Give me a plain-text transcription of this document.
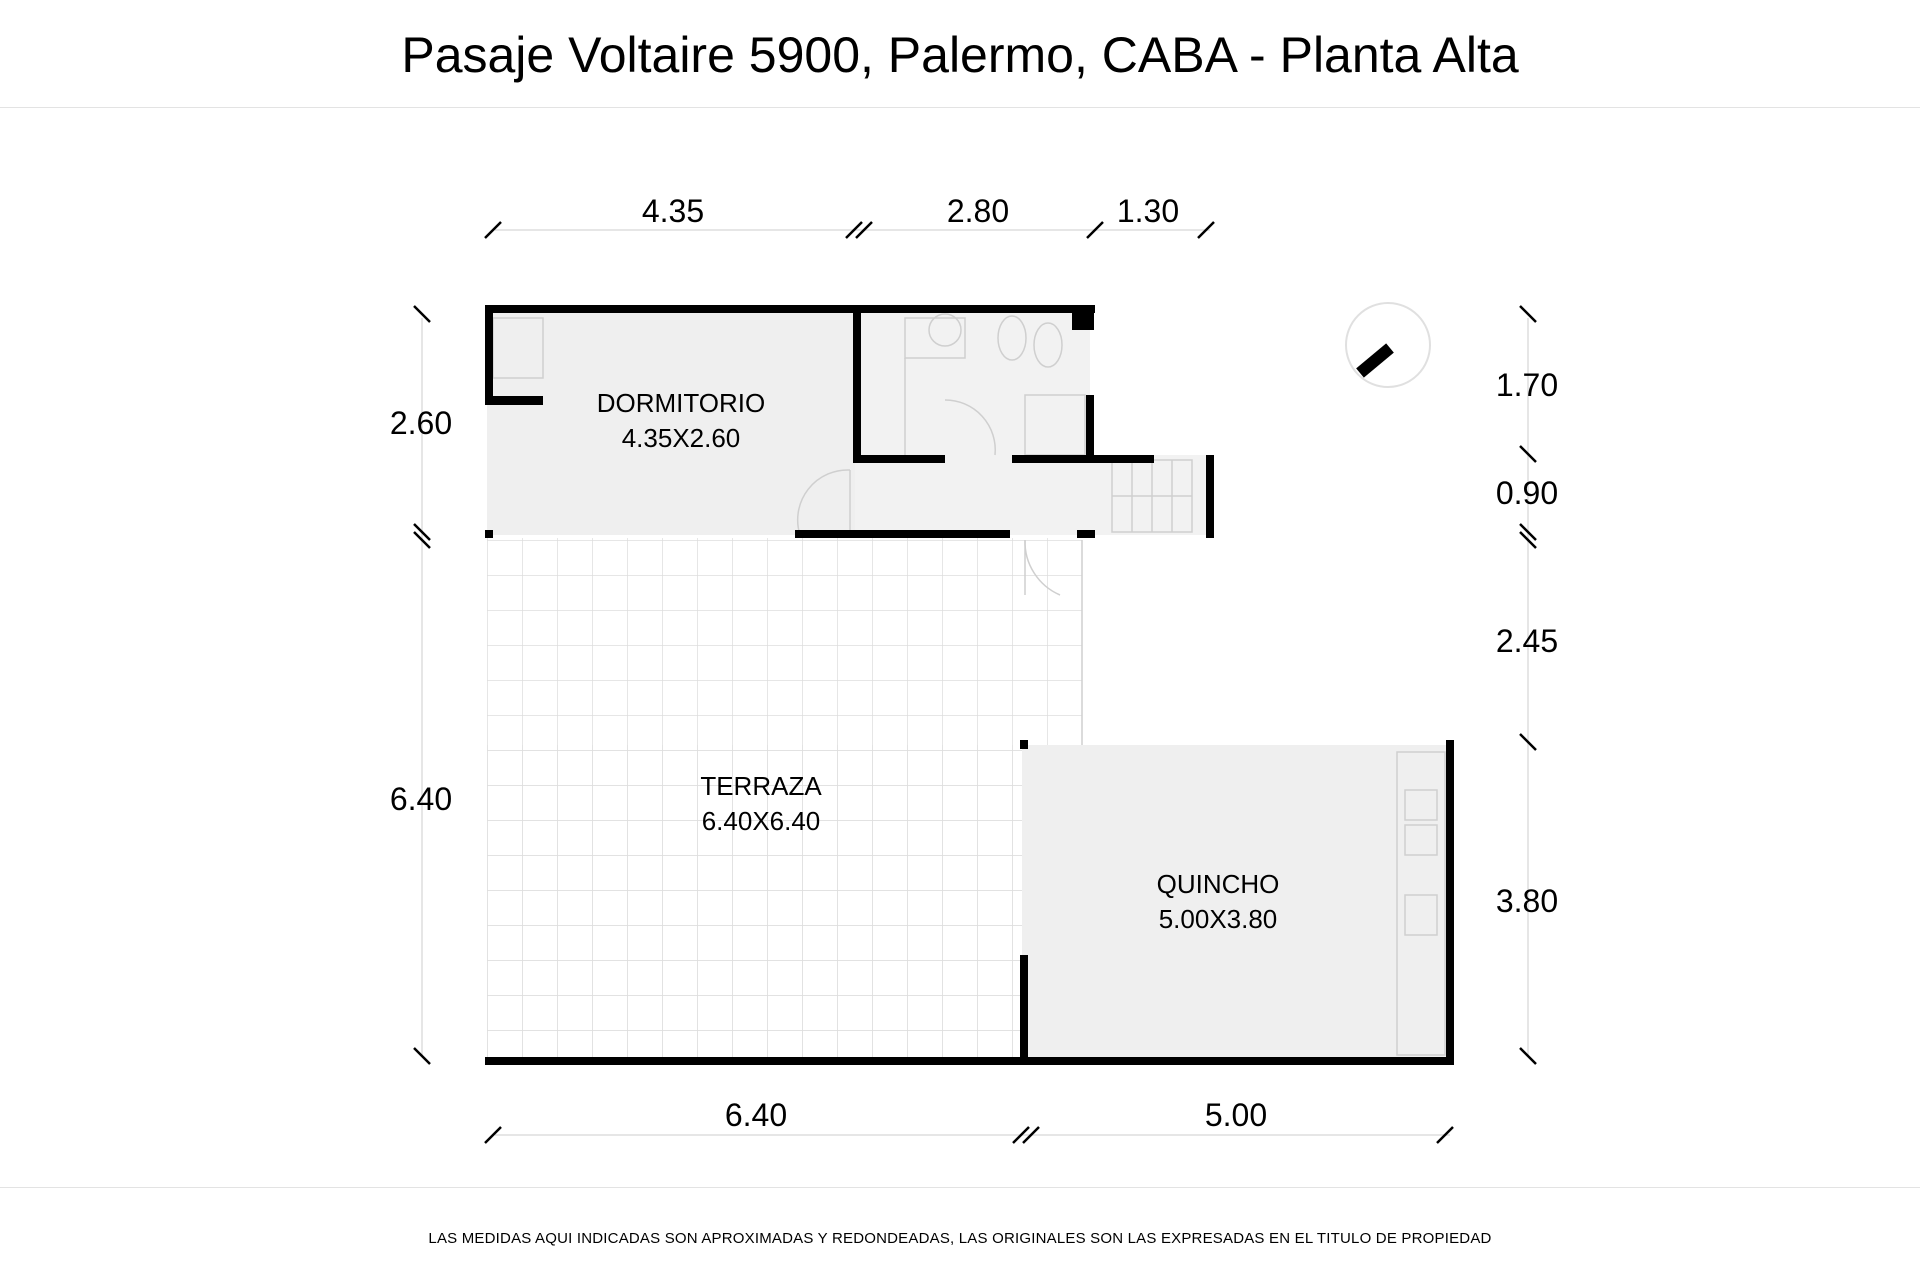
Pasaje Voltaire 5900, Palermo, CABA - Planta Alta
4.35	2.80	1.30
2.60
6.40
1.70
0.90
2.45
3.80
6.40	5.00
DORMITORIO
4.35X2.60
TERRAZA
6.40X6.40
QUINCHO
5.00X3.80
LAS MEDIDAS AQUI INDICADAS SON APROXIMADAS Y REDONDEADAS, LAS ORIGINALES SON LAS EXPRESADAS EN EL TITULO DE PROPIEDAD
